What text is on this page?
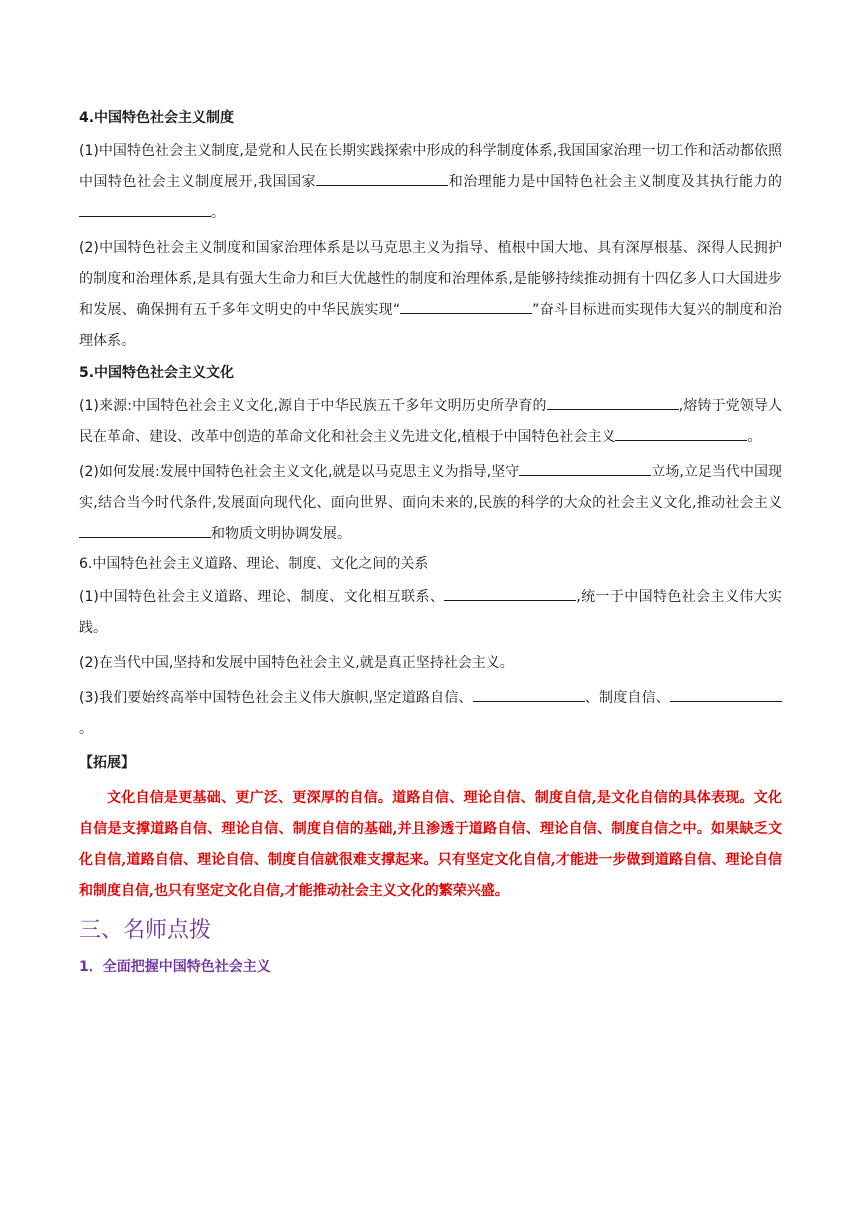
4.中国特色社会主义制度

(1)中国特色社会主义制度,是党和人民在长期实践探索中形成的科学制度体系,我国国家治理一切工作和活动都依照中国特色社会主义制度展开,我国国家	和治理能力是中国特色社会主义制度及其执行能力的。

(2)中国特色社会主义制度和国家治理体系是以马克思主义为指导、植根中国大地、具有深厚根基、深得人民拥护的制度和治理体系,是具有强大生命力和巨大优越性的制度和治理体系,是能够持续推动拥有十四亿多人口大国进步和发展、确保拥有五千多年文明史的中华民族实现“	”奋斗目标进而实现伟大复兴的制度和治理体系。

5.中国特色社会主义文化

(1)来源:中国特色社会主义文化,源自于中华民族五千多年文明历史所孕育的	,熔铸于党领导人民在革命、建设、改革中创造的革命文化和社会主义先进文化,植根于中国特色社会主义	。

(2)如何发展:发展中国特色社会主义文化,就是以马克思主义为指导,坚守	立场,立足当代中国现实,结合当今时代条件,发展面向现代化、面向世界、面向未来的,民族的科学的大众的社会主义文化,推动社会主义和物质文明协调发展。

6.中国特色社会主义道路、理论、制度、文化之间的关系

(1)中国特色社会主义道路、理论、制度、文化相互联系、	,统一于中国特色社会主义伟大实践。

(2)在当代中国,坚持和发展中国特色社会主义,就是真正坚持社会主义。

(3)我们要始终高举中国特色社会主义伟大旗帜,坚定道路自信、	、制度自信、。

【拓展】

文化自信是更基础、更广泛、更深厚的自信。道路自信、理论自信、制度自信,是文化自信的具体表现。文化自信是支撑道路自信、理论自信、制度自信的基础,并且渗透于道路自信、理论自信、制度自信之中。如果缺乏文化自信,道路自信、理论自信、制度自信就很难支撑起来。只有坚定文化自信,才能进一步做到道路自信、理论自信和制度自信,也只有坚定文化自信,才能推动社会主义文化的繁荣兴盛。

三、名师点拨
1．全面把握中国特色社会主义
